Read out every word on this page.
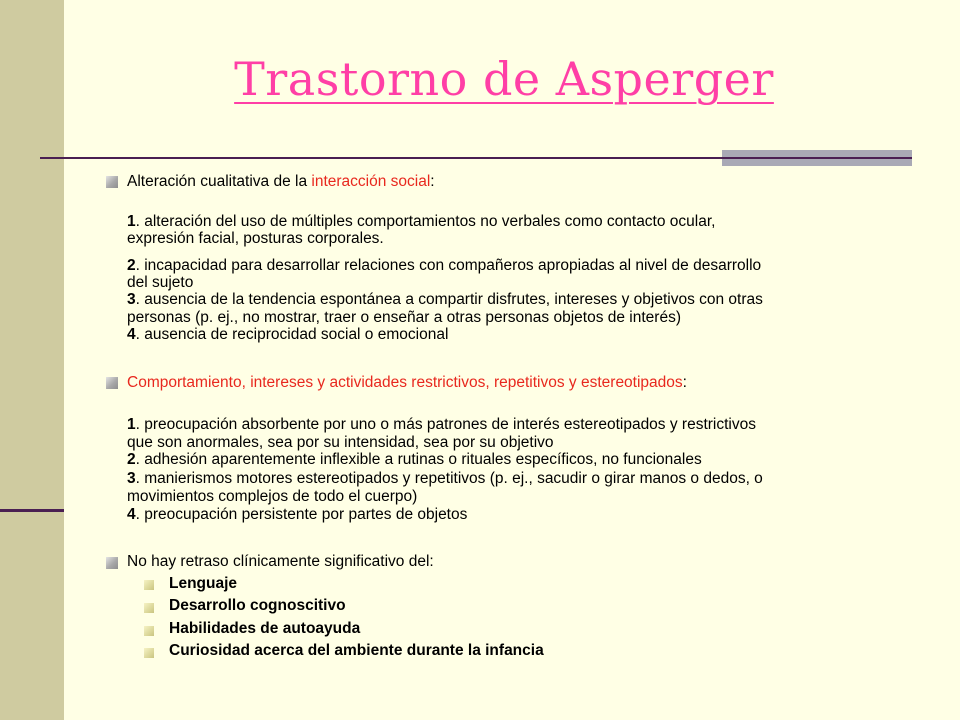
Trastorno de Asperger
Alteración cualitativa de la interacción social:
1. alteración del uso de múltiples comportamientos no verbales como contacto ocular,
expresión facial, posturas corporales.
2. incapacidad para desarrollar relaciones con compañeros apropiadas al nivel de desarrollo
del sujeto
3. ausencia de la tendencia espontánea a compartir disfrutes, intereses y objetivos con otras
personas (p. ej., no mostrar, traer o enseñar a otras personas objetos de interés)
4. ausencia de reciprocidad social o emocional
Comportamiento, intereses y actividades restrictivos, repetitivos y estereotipados:
1. preocupación absorbente por uno o más patrones de interés estereotipados y restrictivos
que son anormales, sea por su intensidad, sea por su objetivo
2. adhesión aparentemente inflexible a rutinas o rituales específicos, no funcionales
3. manierismos motores estereotipados y repetitivos (p. ej., sacudir o girar manos o dedos, o
movimientos complejos de todo el cuerpo)
4. preocupación persistente por partes de objetos
No hay retraso clínicamente significativo del:
Lenguaje
Desarrollo cognoscitivo
Habilidades de autoayuda
Curiosidad acerca del ambiente durante la infancia
